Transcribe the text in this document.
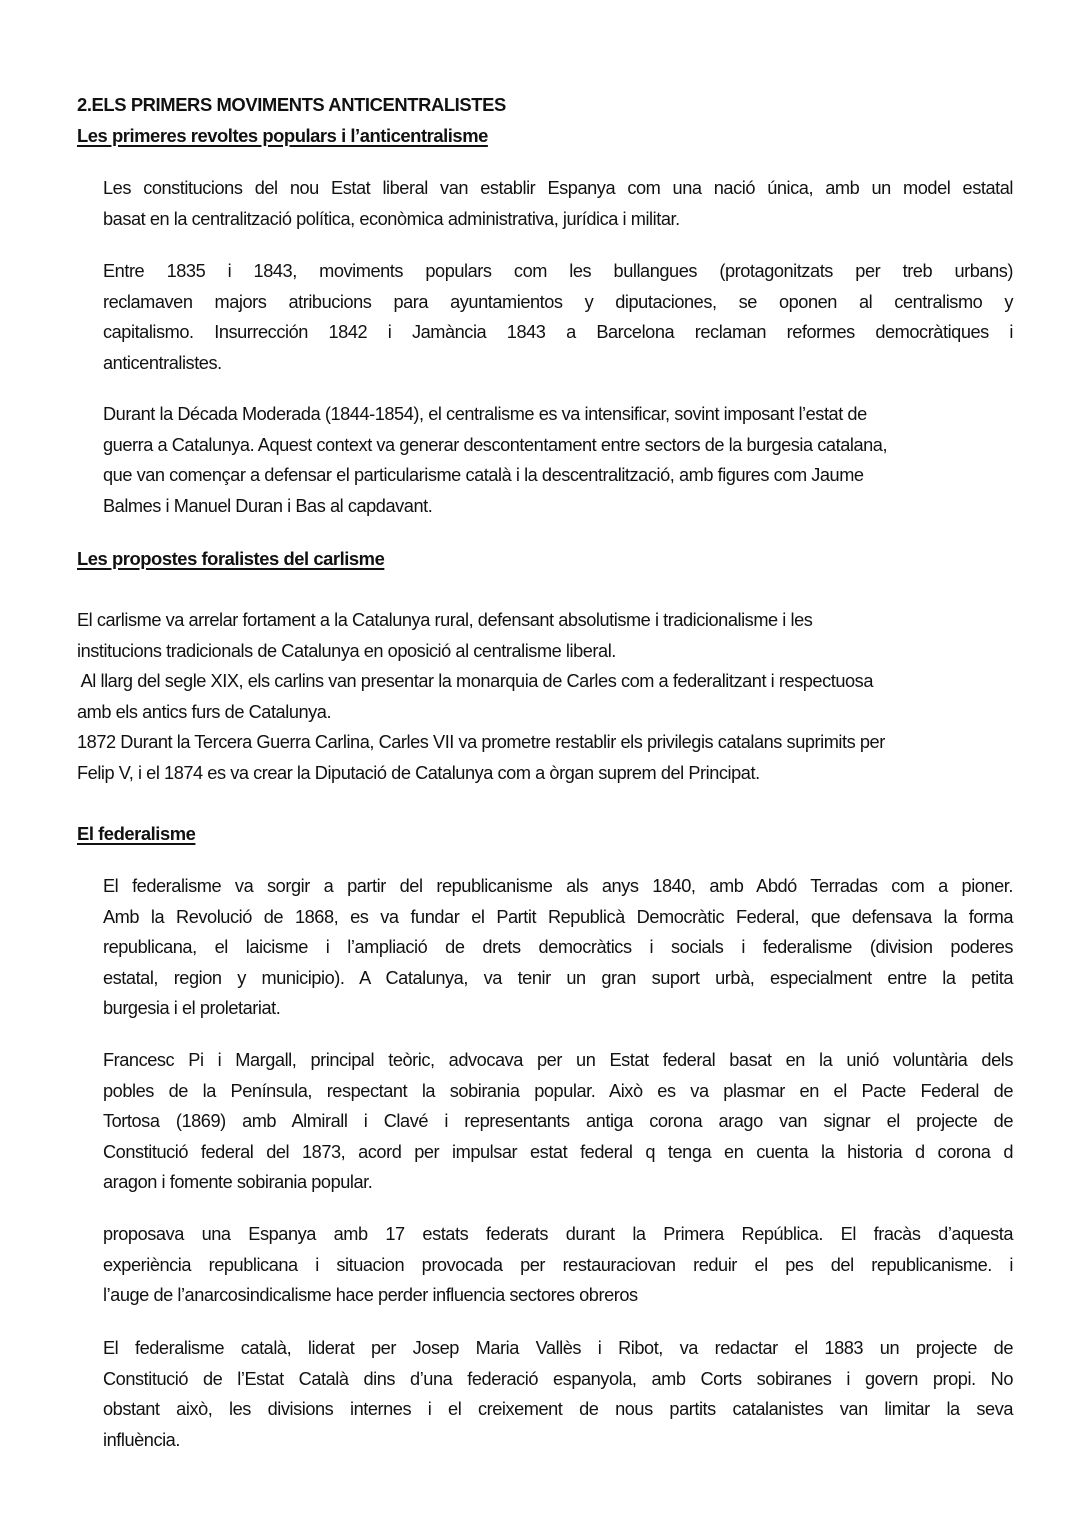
2.ELS PRIMERS MOVIMENTS ANTICENTRALISTES
Les primeres revoltes populars i l’anticentralisme
Les constitucions del nou Estat liberal van establir Espanya com una nació única, amb un model estatal
basat en la centralització política, econòmica administrativa, jurídica i militar.
Entre 1835 i 1843, moviments populars com les bullangues (protagonitzats per treb urbans)
reclamaven majors atribucions para ayuntamientos y diputaciones, se oponen al centralismo y
capitalismo. Insurrección 1842 i Jamància 1843 a Barcelona reclaman reformes democràtiques i
anticentralistes.
Durant la Década Moderada (1844-1854), el centralisme es va intensificar, sovint imposant l’estat de
guerra a Catalunya. Aquest context va generar descontentament entre sectors de la burgesia catalana,
que van començar a defensar el particularisme català i la descentralització, amb figures com Jaume
Balmes i Manuel Duran i Bas al capdavant.
Les propostes foralistes del carlisme
El carlisme va arrelar fortament a la Catalunya rural, defensant absolutisme i tradicionalisme i les
institucions tradicionals de Catalunya en oposició al centralisme liberal.
Al llarg del segle XIX, els carlins van presentar la monarquia de Carles com a federalitzant i respectuosa
amb els antics furs de Catalunya.
1872 Durant la Tercera Guerra Carlina, Carles VII va prometre restablir els privilegis catalans suprimits per
Felip V, i el 1874 es va crear la Diputació de Catalunya com a òrgan suprem del Principat.
El federalisme
El federalisme va sorgir a partir del republicanisme als anys 1840, amb Abdó Terradas com a pioner.
Amb la Revolució de 1868, es va fundar el Partit Republicà Democràtic Federal, que defensava la forma
republicana, el laicisme i l’ampliació de drets democràtics i socials i federalisme (division poderes
estatal, region y municipio). A Catalunya, va tenir un gran suport urbà, especialment entre la petita
burgesia i el proletariat.
Francesc Pi i Margall, principal teòric, advocava per un Estat federal basat en la unió voluntària dels
pobles de la Península, respectant la sobirania popular. Això es va plasmar en el Pacte Federal de
Tortosa (1869) amb Almirall i Clavé i representants antiga corona arago van signar el projecte de
Constitució federal del 1873, acord per impulsar estat federal q tenga en cuenta la historia d corona d
aragon i fomente sobirania popular.
proposava una Espanya amb 17 estats federats durant la Primera República. El fracàs d’aquesta
experiència republicana i situacion provocada per restauraciovan reduir el pes del republicanisme. i
l’auge de l’anarcosindicalisme hace perder influencia sectores obreros
El federalisme català, liderat per Josep Maria Vallès i Ribot, va redactar el 1883 un projecte de
Constitució de l’Estat Català dins d’una federació espanyola, amb Corts sobiranes i govern propi. No
obstant això, les divisions internes i el creixement de nous partits catalanistes van limitar la seva
influència.
